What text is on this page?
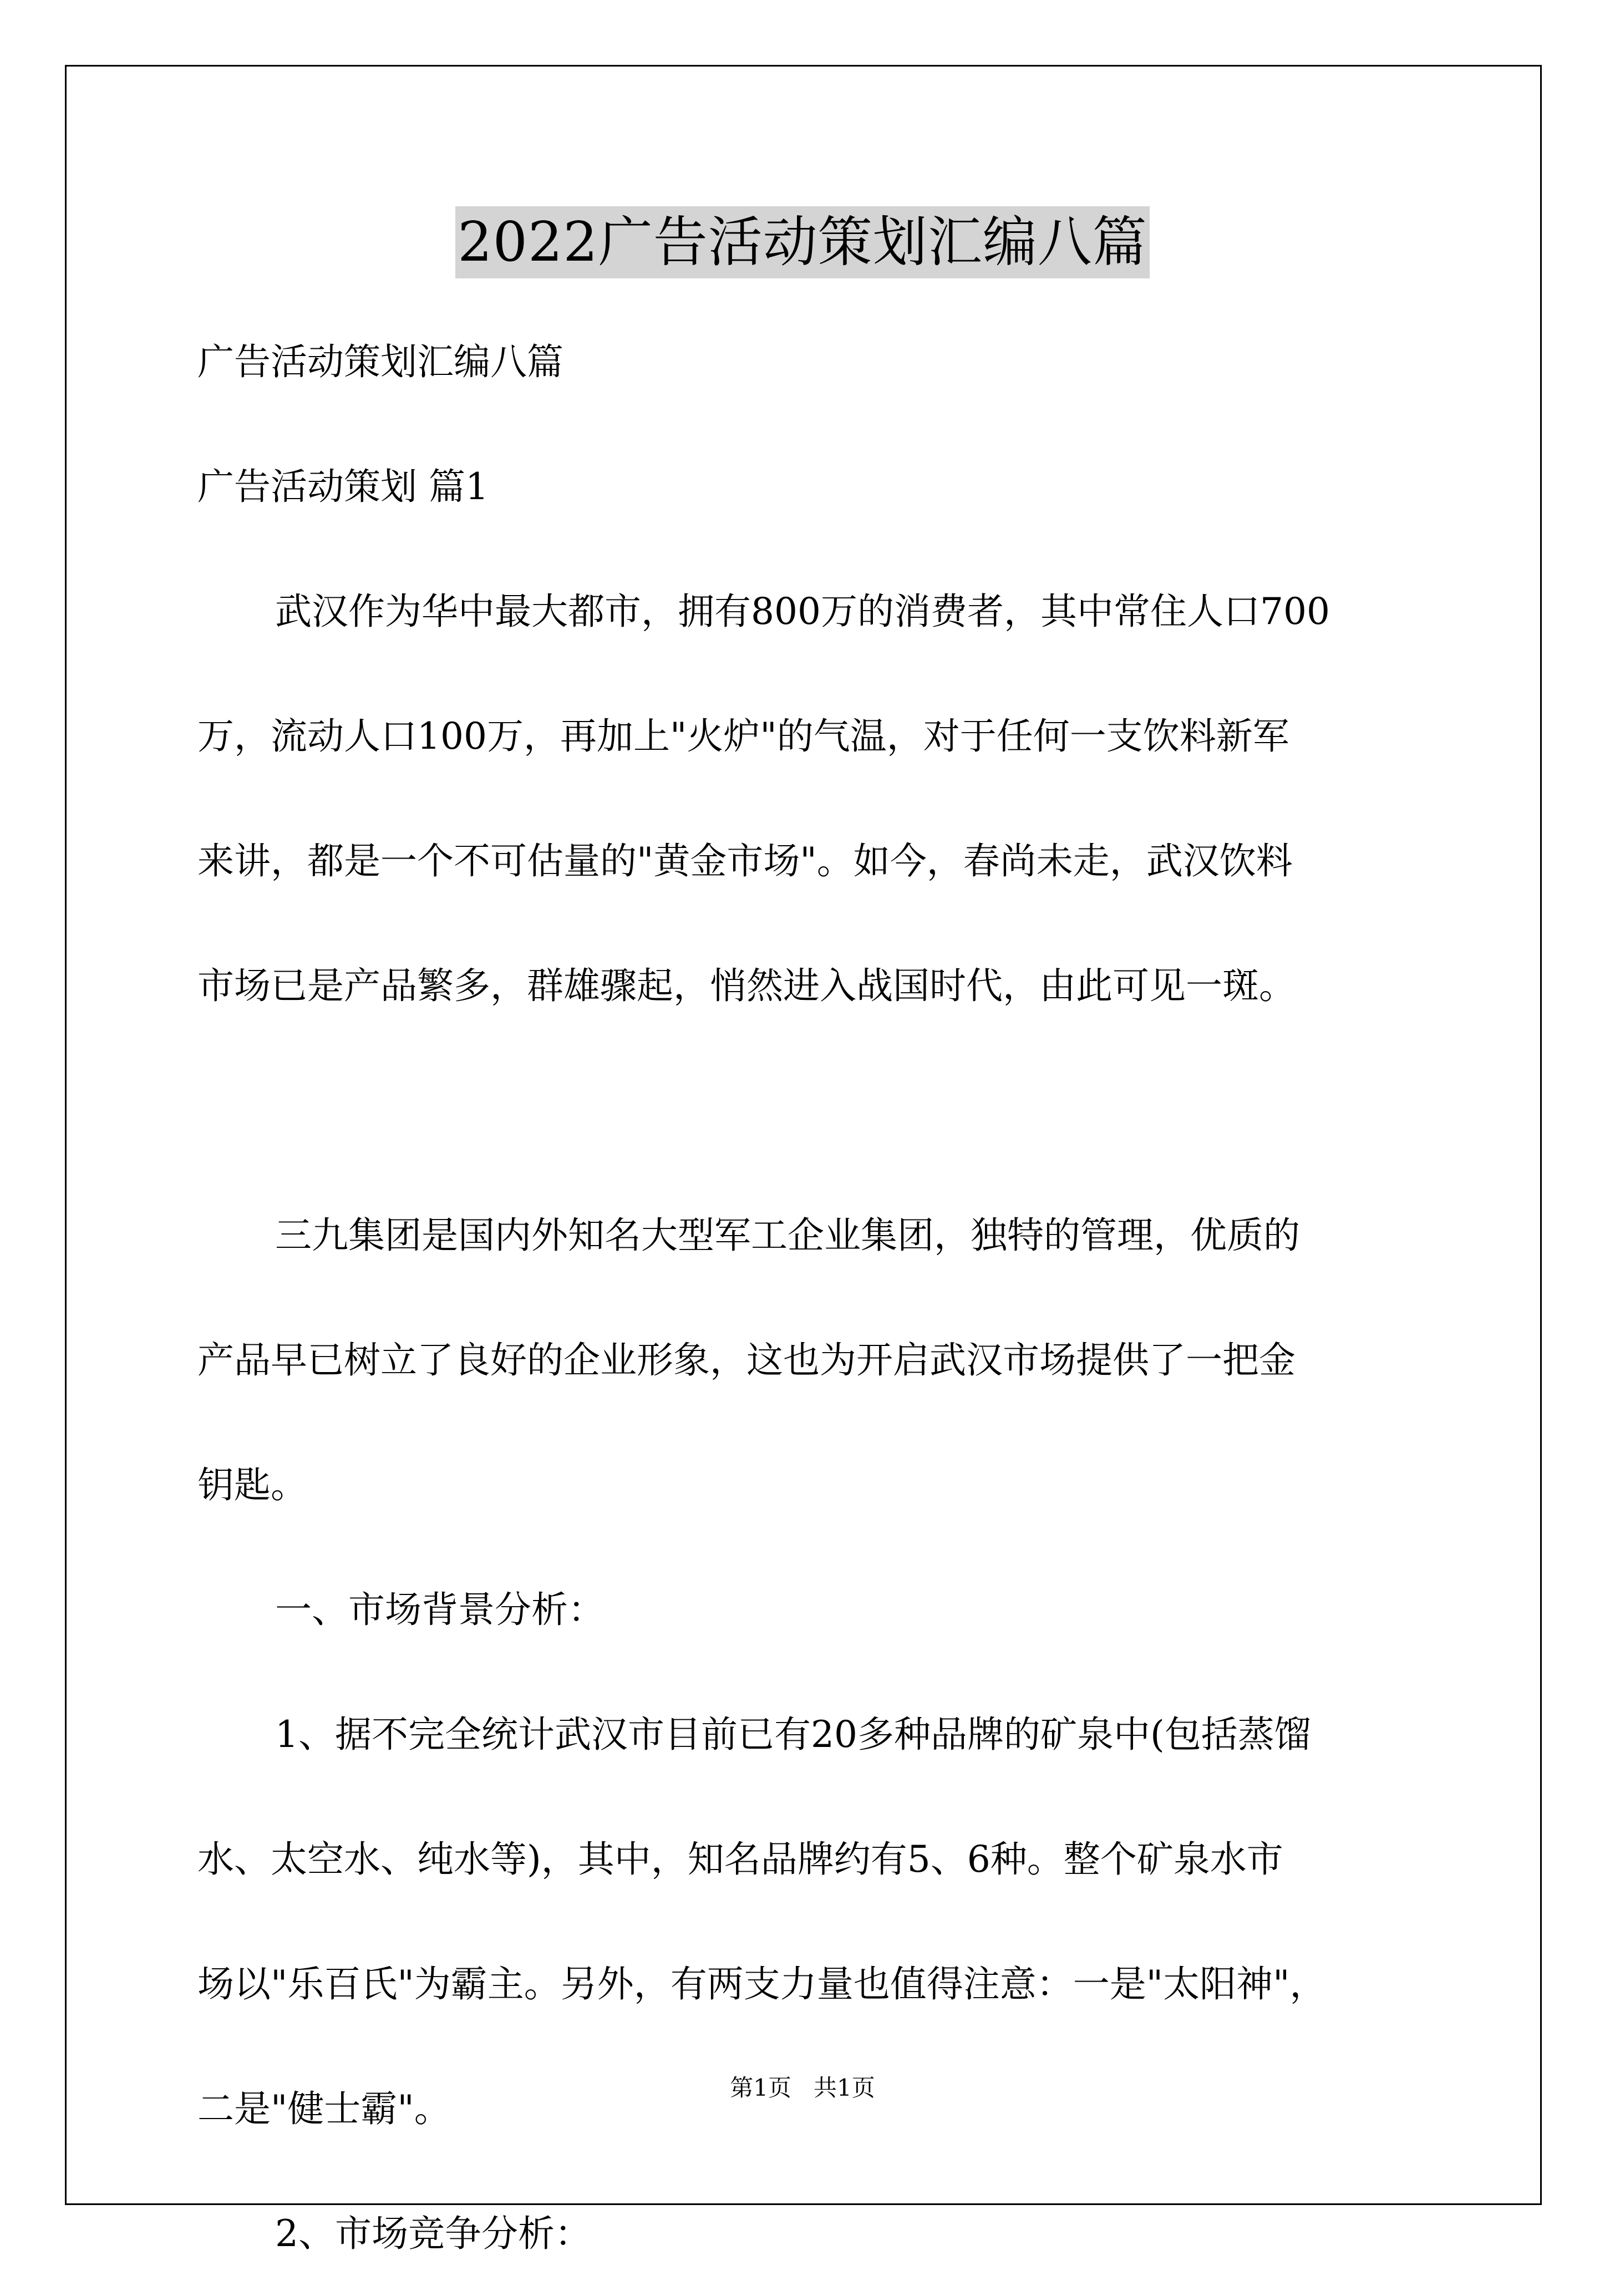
2022广告活动策划汇编八篇

广告活动策划汇编八篇

广告活动策划 篇1

武汉作为华中最大都市，拥有800万的消费者，其中常住人口700

万，流动人口100万，再加上"火炉"的气温，对于任何一支饮料新军

来讲，都是一个不可估量的"黄金市场"。如今，春尚未走，武汉饮料

市场已是产品繁多，群雄骤起，悄然进入战国时代，由此可见一斑。

三九集团是国内外知名大型军工企业集团，独特的管理，优质的

产品早已树立了良好的企业形象，这也为开启武汉市场提供了一把金

钥匙。

一、市场背景分析：

1、据不完全统计武汉市目前已有20多种品牌的矿泉中(包括蒸馏

水、太空水、纯水等)，其中，知名品牌约有5、6种。整个矿泉水市

场以"乐百氏"为霸主。另外，有两支力量也值得注意：一是"太阳神"，

二是"健士霸"。

2、市场竞争分析：

第1页   共1页
